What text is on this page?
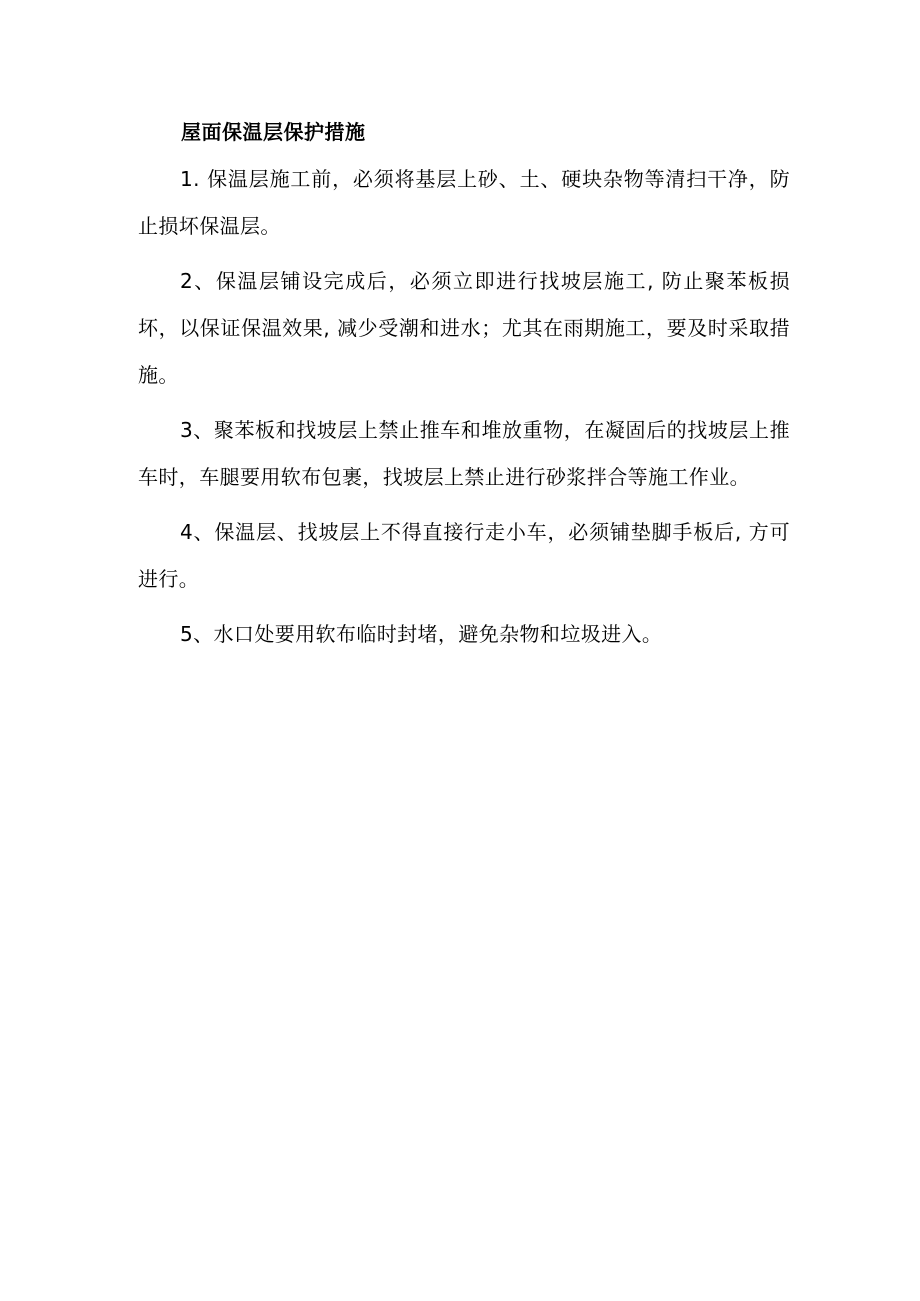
屋面保温层保护措施

1. 保温层施工前，必须将基层上砂、土、硬块杂物等清扫干净，防止损坏保温层。

2、保温层铺设完成后，必须立即进行找坡层施工, 防止聚苯板损坏，以保证保温效果, 减少受潮和进水；尤其在雨期施工，要及时采取措施。

3、聚苯板和找坡层上禁止推车和堆放重物，在凝固后的找坡层上推车时，车腿要用软布包裹，找坡层上禁止进行砂浆拌合等施工作业。

4、保温层、找坡层上不得直接行走小车，必须铺垫脚手板后, 方可进行。

5、水口处要用软布临时封堵，避免杂物和垃圾进入。
